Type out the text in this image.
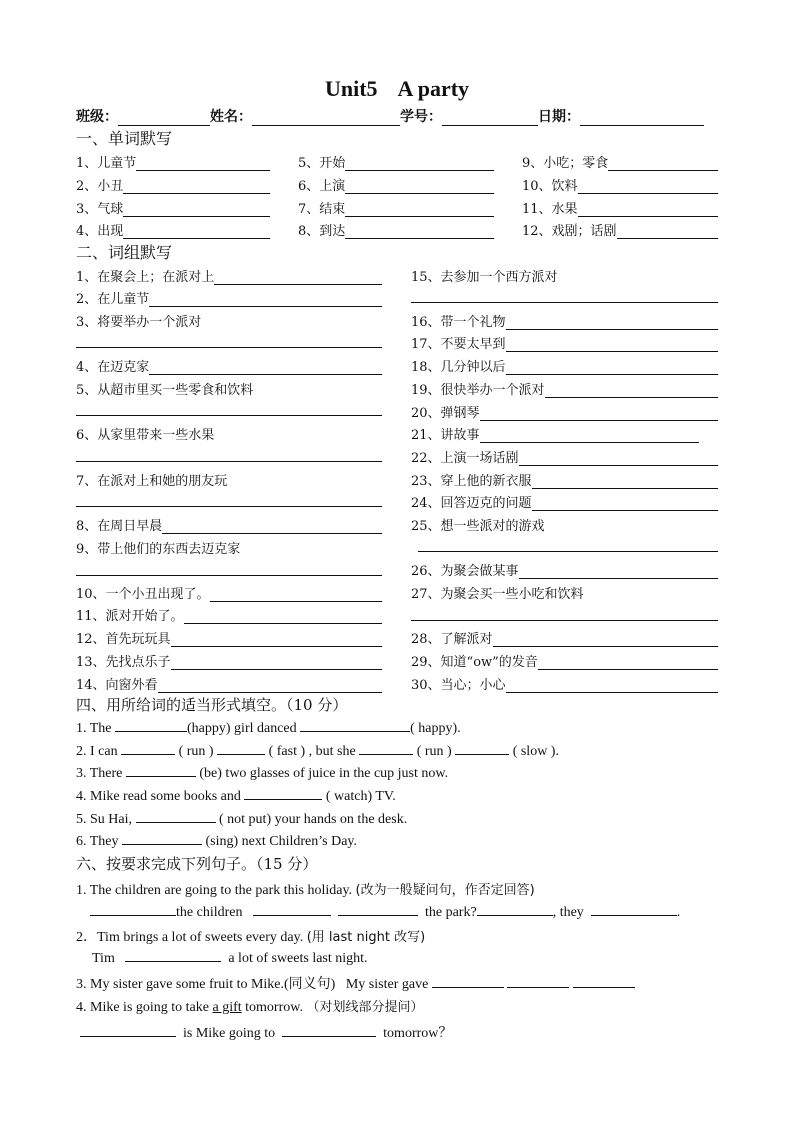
Unit5 A party
班级：	姓名：	学号：	日期：
一、单词默写
1、儿童节
2、小丑
3、气球
4、出现
5、开始
6、上演
7、结束
8、到达
9、小吃；零食
10、饮料
11、水果
12、戏剧；话剧
二、词组默写
1、在聚会上；在派对上
2、在儿童节
3、将要举办一个派对
4、在迈克家
5、从超市里买一些零食和饮料
6、从家里带来一些水果
7、在派对上和她的朋友玩
8、在周日早晨
9、带上他们的东西去迈克家
10、一个小丑出现了。
11、派对开始了。
12、首先玩玩具
13、先找点乐子
14、向窗外看
15、去参加一个西方派对
16、带一个礼物
17、不要太早到
18、几分钟以后
19、很快举办一个派对
20、弹钢琴
21、讲故事
22、上演一场话剧
23、穿上他的新衣服
24、回答迈克的问题
25、想一些派对的游戏
26、为聚会做某事
27、为聚会买一些小吃和饮料
28、了解派对
29、知道“ow”的发音
30、当心；小心
四、用所给词的适当形式填空。（10 分）
1. The	(happy) girl danced	( happy).
2. I can	( run )	( fast ) , but she	( run )	( slow ).
3. There	(be) two glasses of juice in the cup just now.
4. Mike read some books and	( watch) TV.
5. Su Hai,	( not put) your hands on the desk.
6. They	(sing) next Children’s Day.
六、按要求完成下列句子。（15 分）
1. The children are going to the park this holiday. (改为一般疑问句，作否定回答)
the children	the park?	, they	.
2．Tim brings a lot of sweets every day. (用 last night 改写)
Tim	a lot of sweets last night.
3. My sister gave some fruit to Mike.(同义句) My sister gave
4. Mike is going to take a gift tomorrow. （对划线部分提问）
is Mike going to	tomorrow？
